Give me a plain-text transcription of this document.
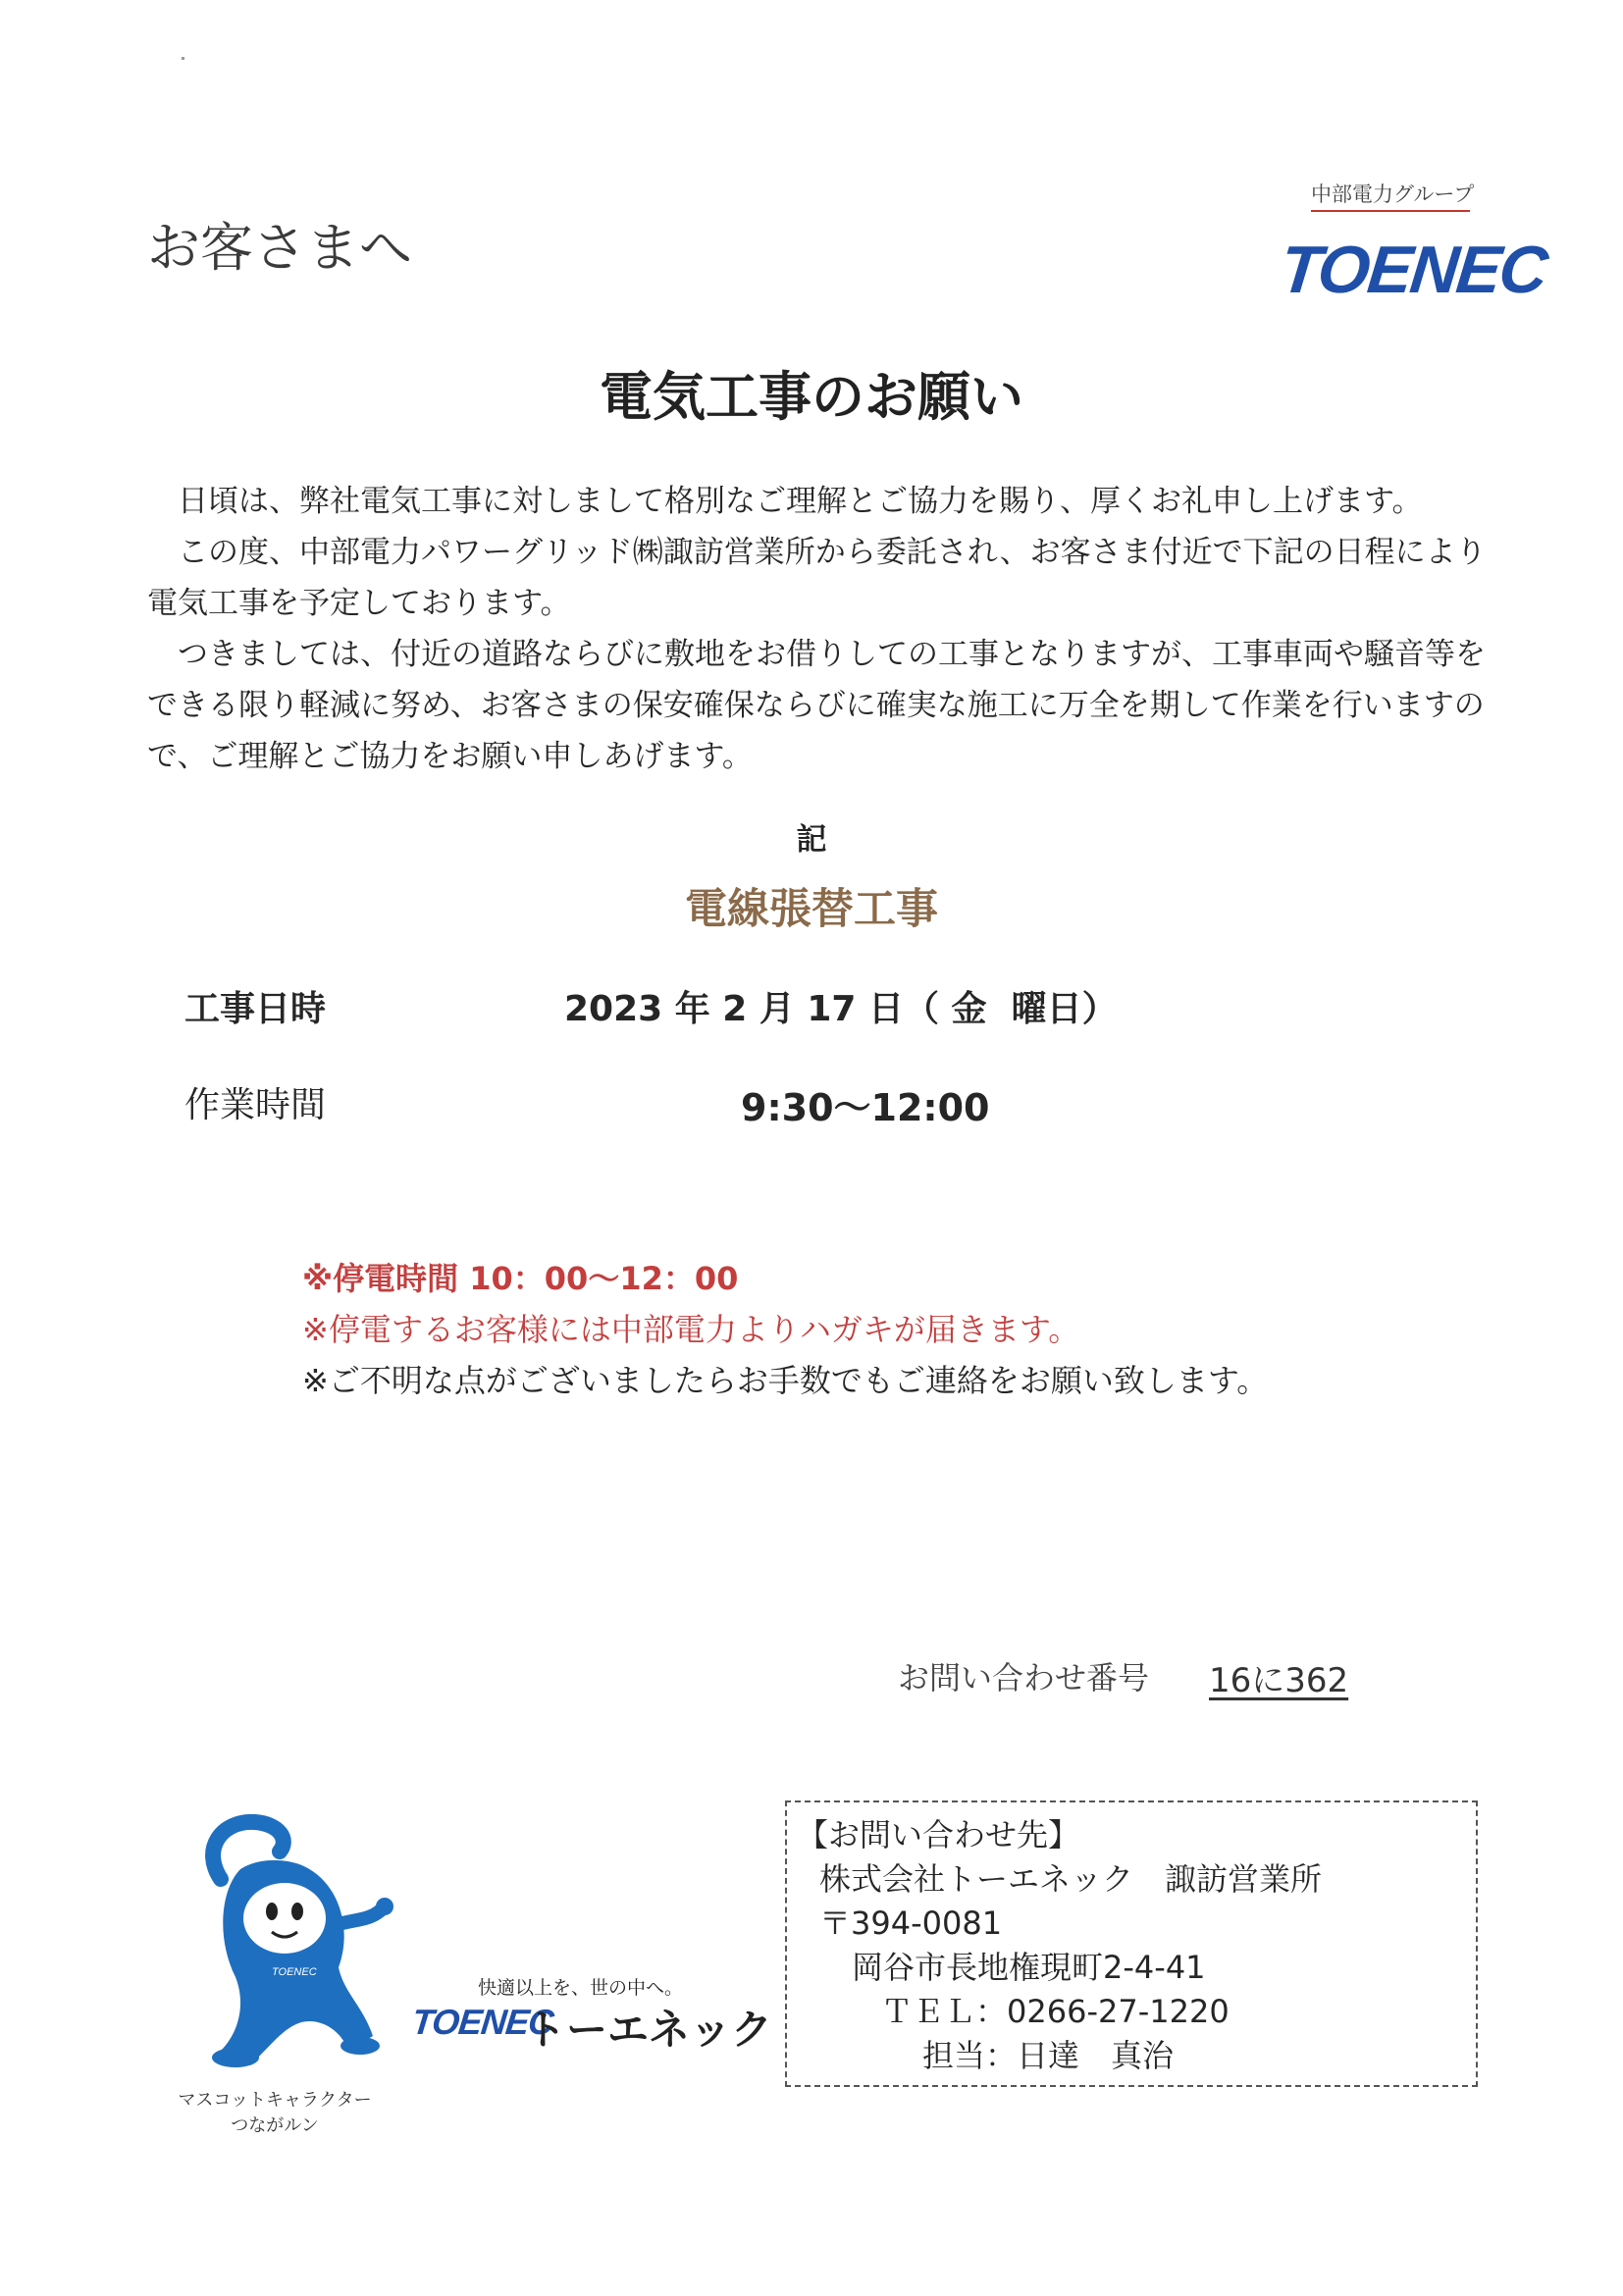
お客さまへ
中部電力グループ
TOENEC
電気工事のお願い
日頃は、弊社電気工事に対しまして格別なご理解とご協力を賜り、厚くお礼申し上げます。
この度、中部電力パワーグリッド㈱諏訪営業所から委託され、お客さま付近で下記の日程により電気工事を予定しております。
つきましては、付近の道路ならびに敷地をお借りしての工事となりますが、工事車両や騒音等をできる限り軽減に努め、お客さまの保安確保ならびに確実な施工に万全を期して作業を行いますので、ご理解とご協力をお願い申しあげます。
記
電線張替工事
工事日時	2023 年 2 月 17 日（ 金  曜日）
作業時間	9:30〜12:00
※停電時間 10：00〜12：00
※停電するお客様には中部電力よりハガキが届きます。
※ご不明な点がございましたらお手数でもご連絡をお願い致します。
お問い合わせ番号 16に362
【お問い合わせ先】
株式会社トーエネック　諏訪営業所
〒394-0081
岡谷市長地権現町2-4-41
ＴＥＬ：0266-27-1220
担当：日達　真治
TOENEC
マスコットキャラクター
つながルン
快適以上を、世の中へ。
TOENEC
トーエネック
